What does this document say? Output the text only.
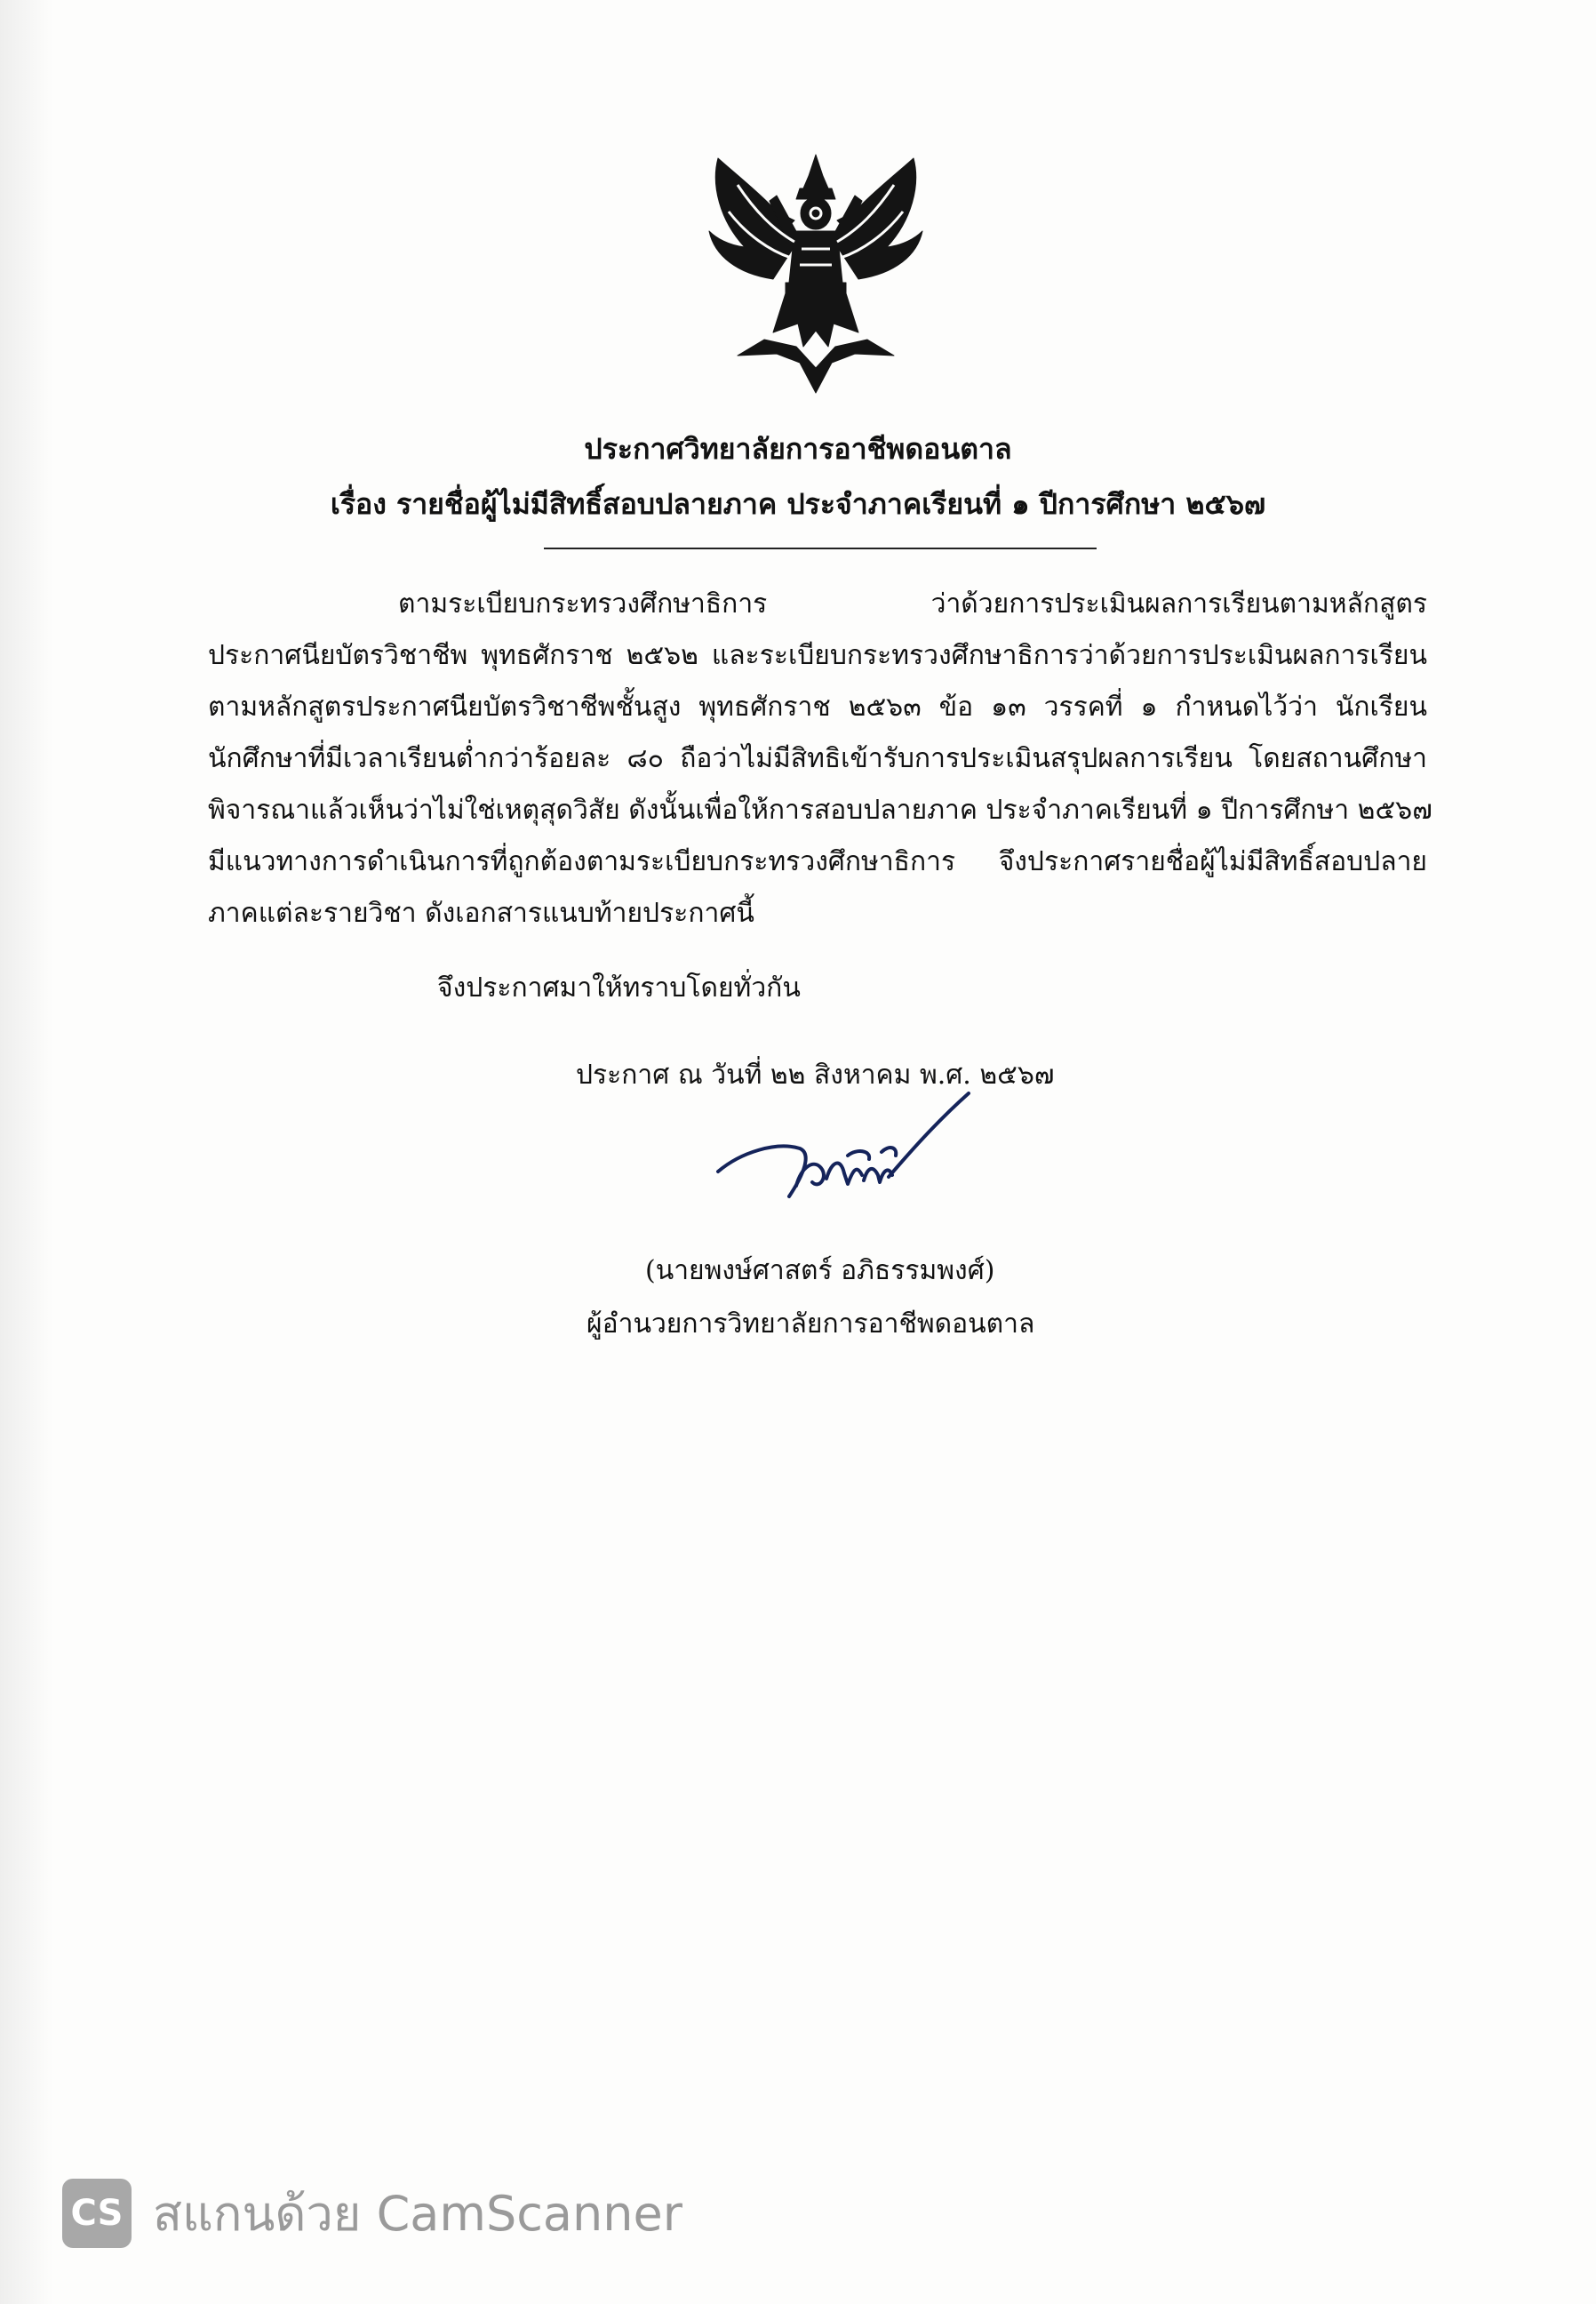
ประกาศวิทยาลัยการอาชีพดอนตาล
เรื่อง รายชื่อผู้ไม่มีสิทธิ์สอบปลายภาค ประจำภาคเรียนที่ ๑ ปีการศึกษา ๒๕๖๗
ตามระเบียบกระทรวงศึกษาธิการ ว่าด้วยการประเมินผลการเรียนตามหลักสูตร
ประกาศนียบัตรวิชาชีพ พุทธศักราช ๒๕๖๒ และระเบียบกระทรวงศึกษาธิการว่าด้วยการประเมินผลการเรียน
ตามหลักสูตรประกาศนียบัตรวิชาชีพชั้นสูง พุทธศักราช ๒๕๖๓ ข้อ ๑๓ วรรคที่ ๑ กำหนดไว้ว่า นักเรียน
นักศึกษาที่มีเวลาเรียนต่ำกว่าร้อยละ ๘๐ ถือว่าไม่มีสิทธิเข้ารับการประเมินสรุปผลการเรียน โดยสถานศึกษา
พิจารณาแล้วเห็นว่าไม่ใช่เหตุสุดวิสัย ดังนั้นเพื่อให้การสอบปลายภาค ประจำภาคเรียนที่ ๑ ปีการศึกษา ๒๕๖๗
มีแนวทางการดำเนินการที่ถูกต้องตามระเบียบกระทรวงศึกษาธิการ จึงประกาศรายชื่อผู้ไม่มีสิทธิ์สอบปลาย
ภาคแต่ละรายวิชา ดังเอกสารแนบท้ายประกาศนี้
จึงประกาศมาให้ทราบโดยทั่วกัน
ประกาศ ณ วันที่ ๒๒ สิงหาคม พ.ศ. ๒๕๖๗
(นายพงษ์ศาสตร์ อภิธรรมพงศ์)
ผู้อำนวยการวิทยาลัยการอาชีพดอนตาล
CS สแกนด้วย CamScanner
